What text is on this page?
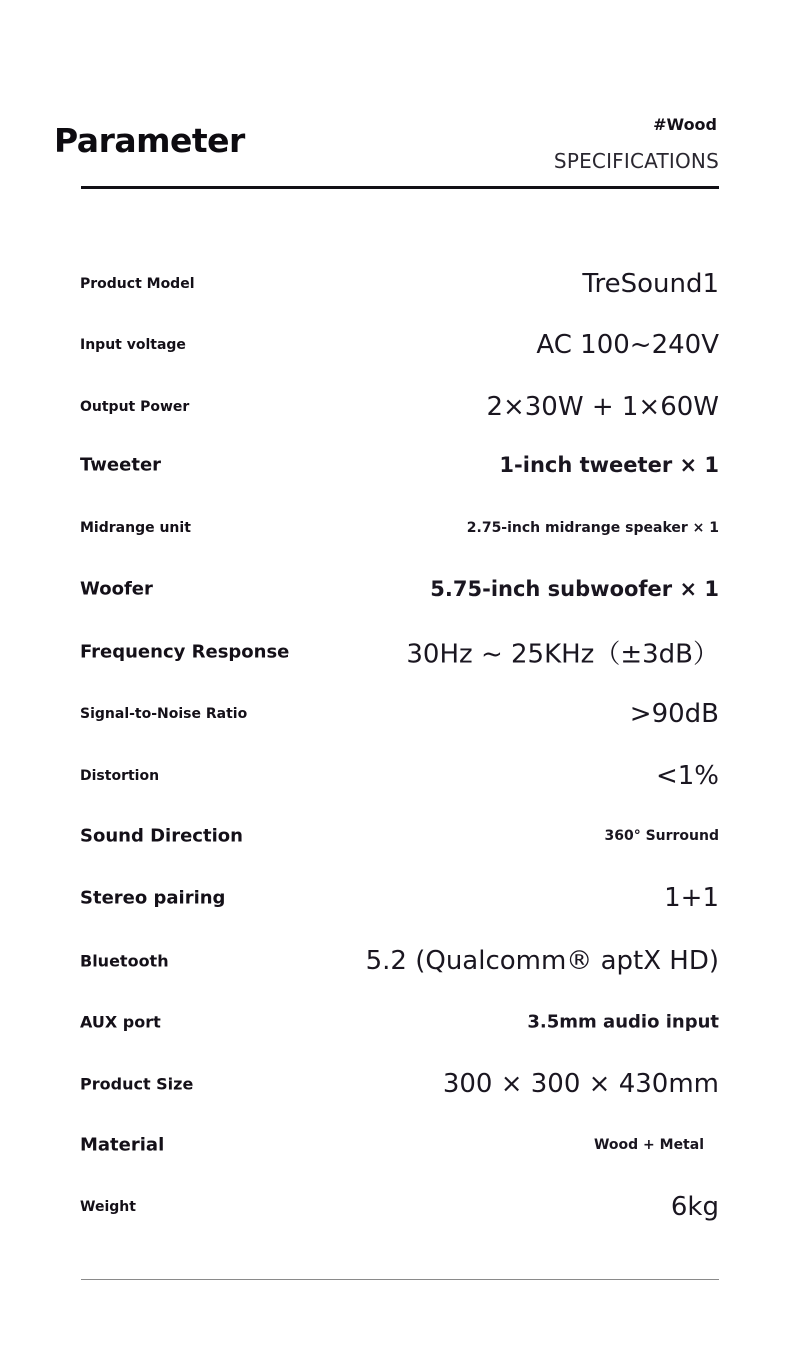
Parameter	#Wood
SPECIFICATIONS
Product Model	TreSound1
Input voltage	AC 100~240V
Output Power	2×30W + 1×60W
Tweeter	1-inch tweeter × 1
Midrange unit	2.75-inch midrange speaker × 1
Woofer	5.75-inch subwoofer × 1
Frequency Response	30Hz ~ 25KHz（±3dB）
Signal-to-Noise Ratio	>90dB
Distortion	<1%
Sound Direction	360° Surround
Stereo pairing	1+1
Bluetooth	5.2 (Qualcomm® aptX HD)
AUX port	3.5mm audio input
Product Size	300 × 300 × 430mm
Material	Wood + Metal
Weight	6kg
